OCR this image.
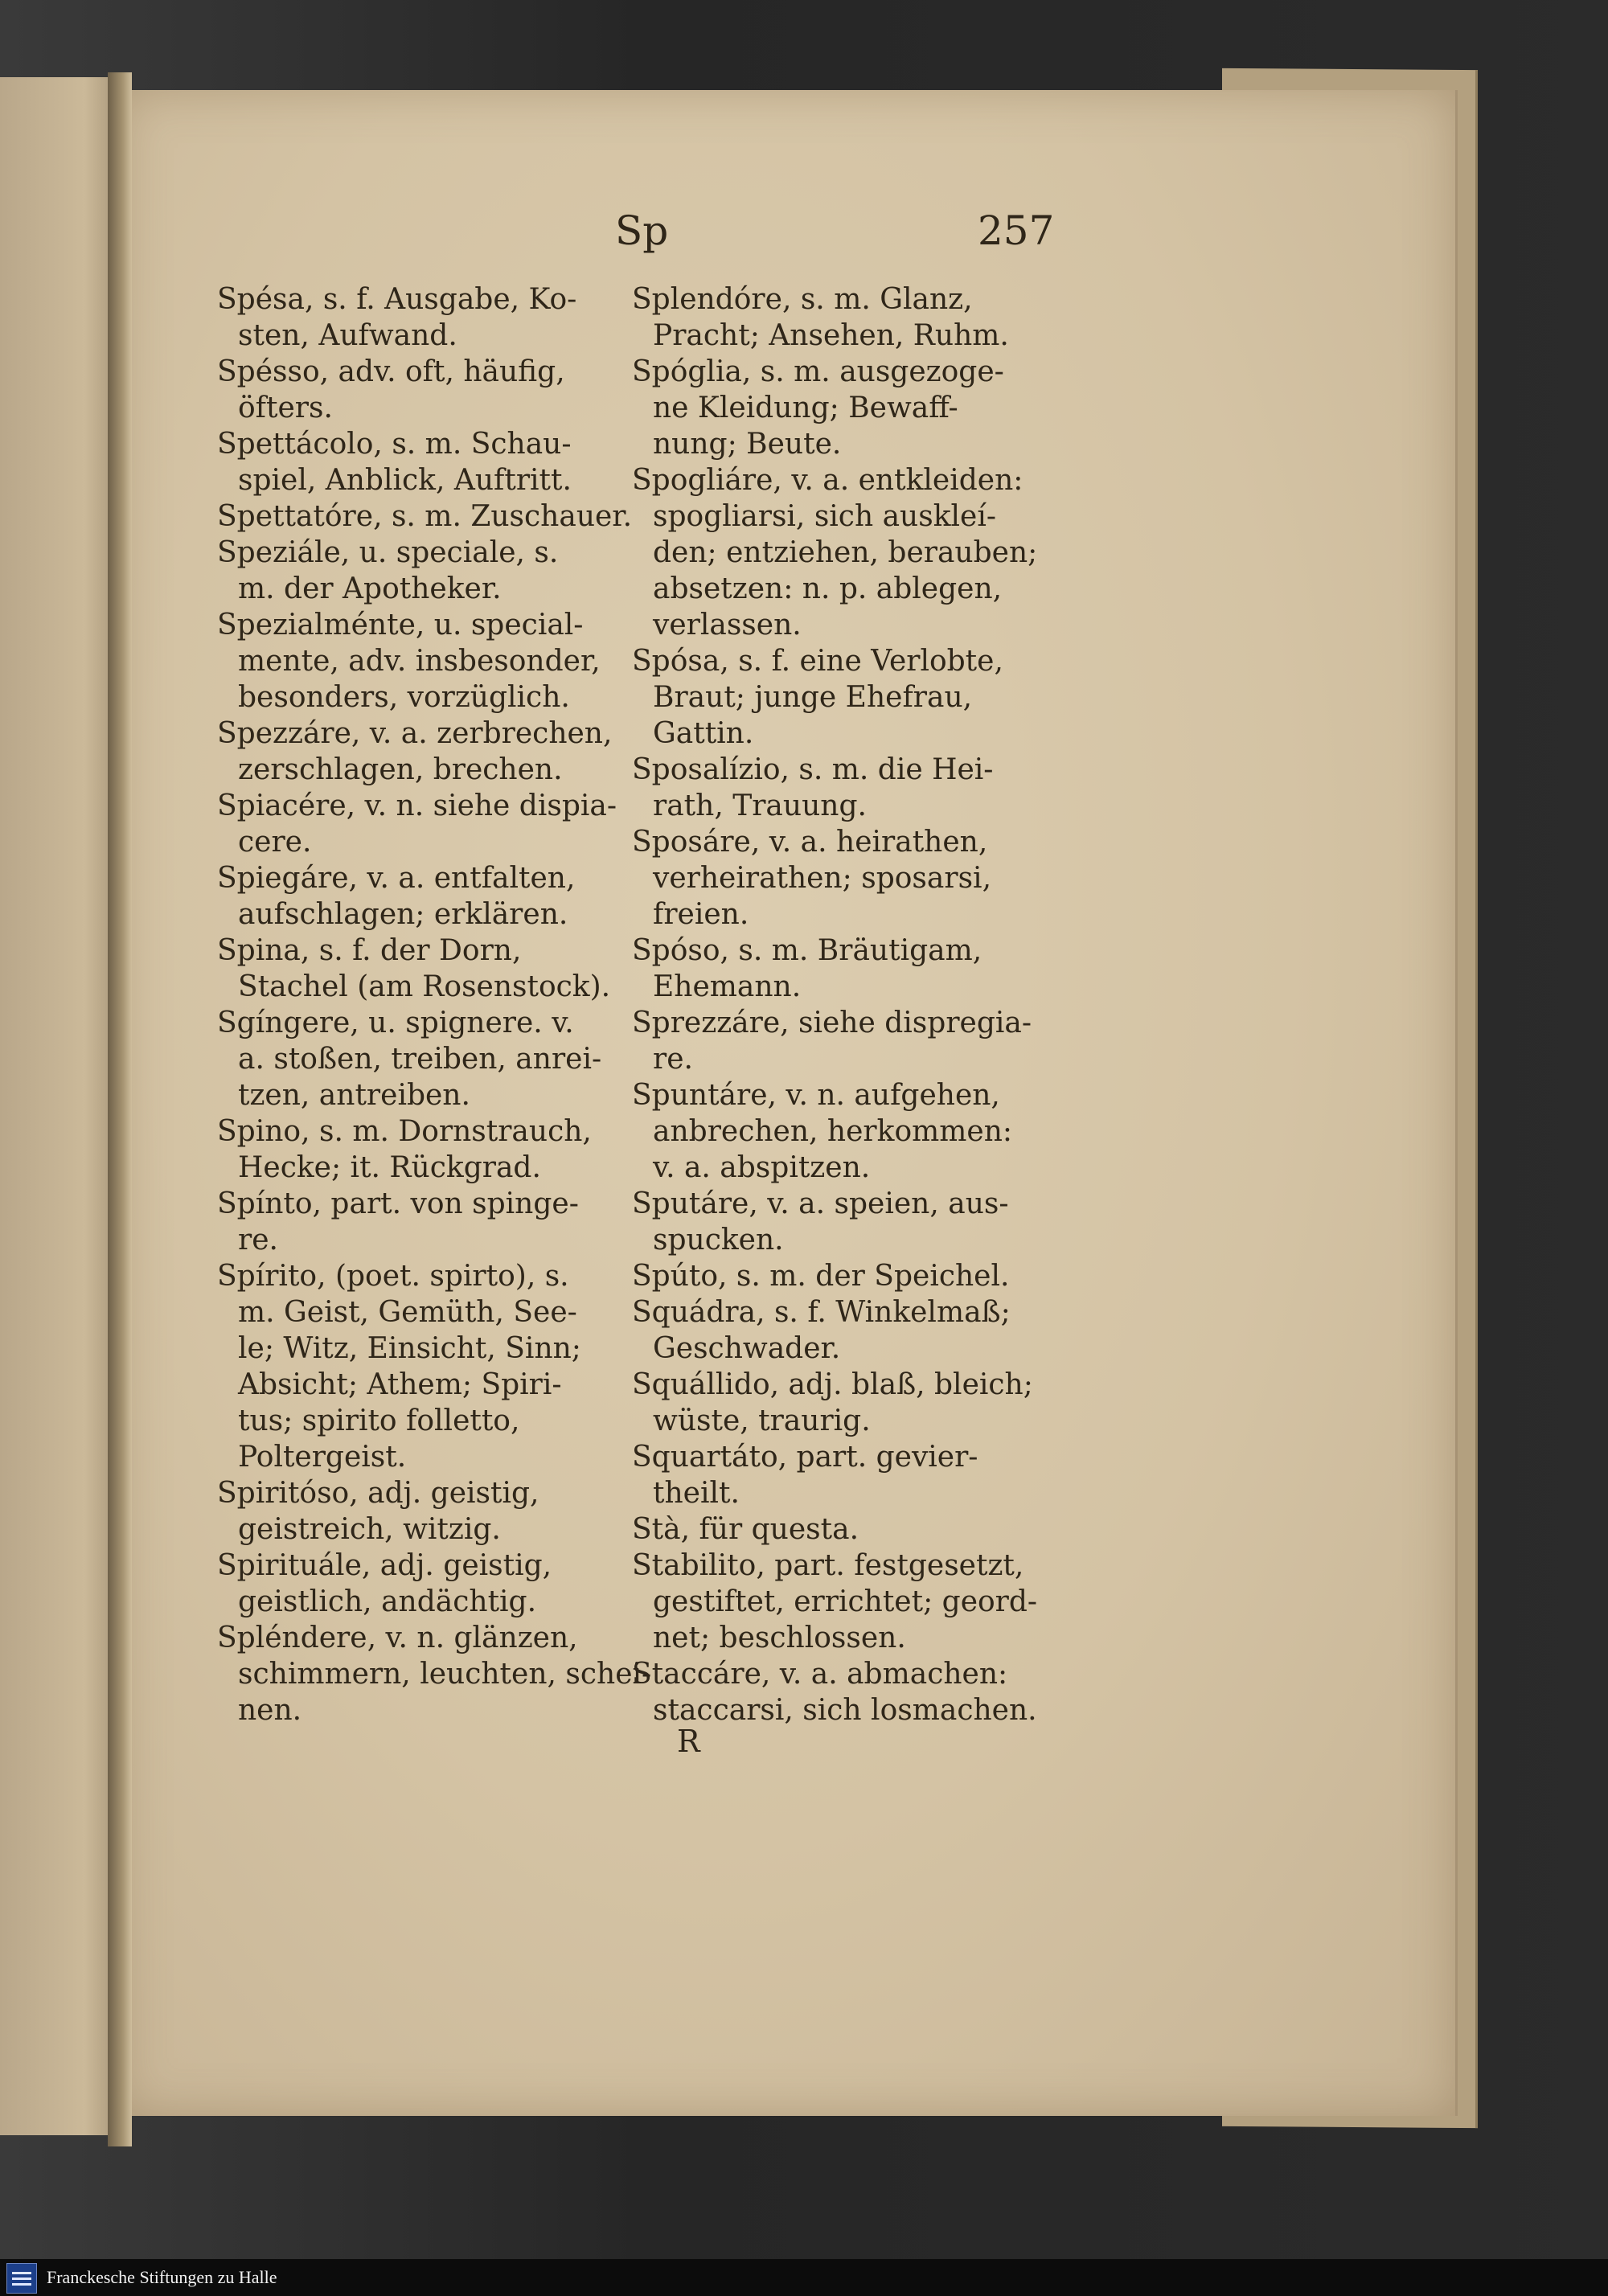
Sp	257
Spésa, s. f. Ausgabe, Ko-
sten, Aufwand.
Spésso, adv. oft, häufig,
öfters.
Spettácolo, s. m. Schau-
spiel, Anblick, Auftritt.
Spettatóre, s. m. Zuschauer.
Speziále, u. speciale, s.
m. der Apotheker.
Spezialménte, u. special-
mente, adv. insbesonder,
besonders, vorzüglich.
Spezzáre, v. a. zerbrechen,
zerschlagen, brechen.
Spiacére, v. n. siehe dispia-
cere.
Spiegáre, v. a. entfalten,
aufschlagen; erklären.
Spina, s. f. der Dorn,
Stachel (am Rosenstock).
Sgíngere, u. spignere. v.
a. stoßen, treiben, anrei-
tzen, antreiben.
Spino, s. m. Dornstrauch,
Hecke; it. Rückgrad.
Spínto, part. von spinge-
re.
Spírito, (poet. spirto), s.
m. Geist, Gemüth, See-
le; Witz, Einsicht, Sinn;
Absicht; Athem; Spiri-
tus; spirito folletto,
Poltergeist.
Spiritóso, adj. geistig,
geistreich, witzig.
Spirituále, adj. geistig,
geistlich, andächtig.
Spléndere, v. n. glänzen,
schimmern, leuchten, schei-
nen.
Splendóre, s. m. Glanz,
Pracht; Ansehen, Ruhm.
Spóglia, s. m. ausgezoge-
ne Kleidung; Bewaff-
nung; Beute.
Spogliáre, v. a. entkleiden:
spogliarsi, sich auskleí-
den; entziehen, berauben;
absetzen: n. p. ablegen,
verlassen.
Spósa, s. f. eine Verlobte,
Braut; junge Ehefrau,
Gattin.
Sposalízio, s. m. die Hei-
rath, Trauung.
Sposáre, v. a. heirathen,
verheirathen; sposarsi,
freien.
Spóso, s. m. Bräutigam,
Ehemann.
Sprezzáre, siehe dispregia-
re.
Spuntáre, v. n. aufgehen,
anbrechen, herkommen:
v. a. abspitzen.
Sputáre, v. a. speien, aus-
spucken.
Spúto, s. m. der Speichel.
Squádra, s. f. Winkelmaß;
Geschwader.
Squállido, adj. blaß, bleich;
wüste, traurig.
Squartáto, part. gevier-
theilt.
Stà, für questa.
Stabilito, part. festgesetzt,
gestiftet, errichtet; geord-
net; beschlossen.
Staccáre, v. a. abmachen:
staccarsi, sich losmachen.
R
Franckesche Stiftungen zu Halle
